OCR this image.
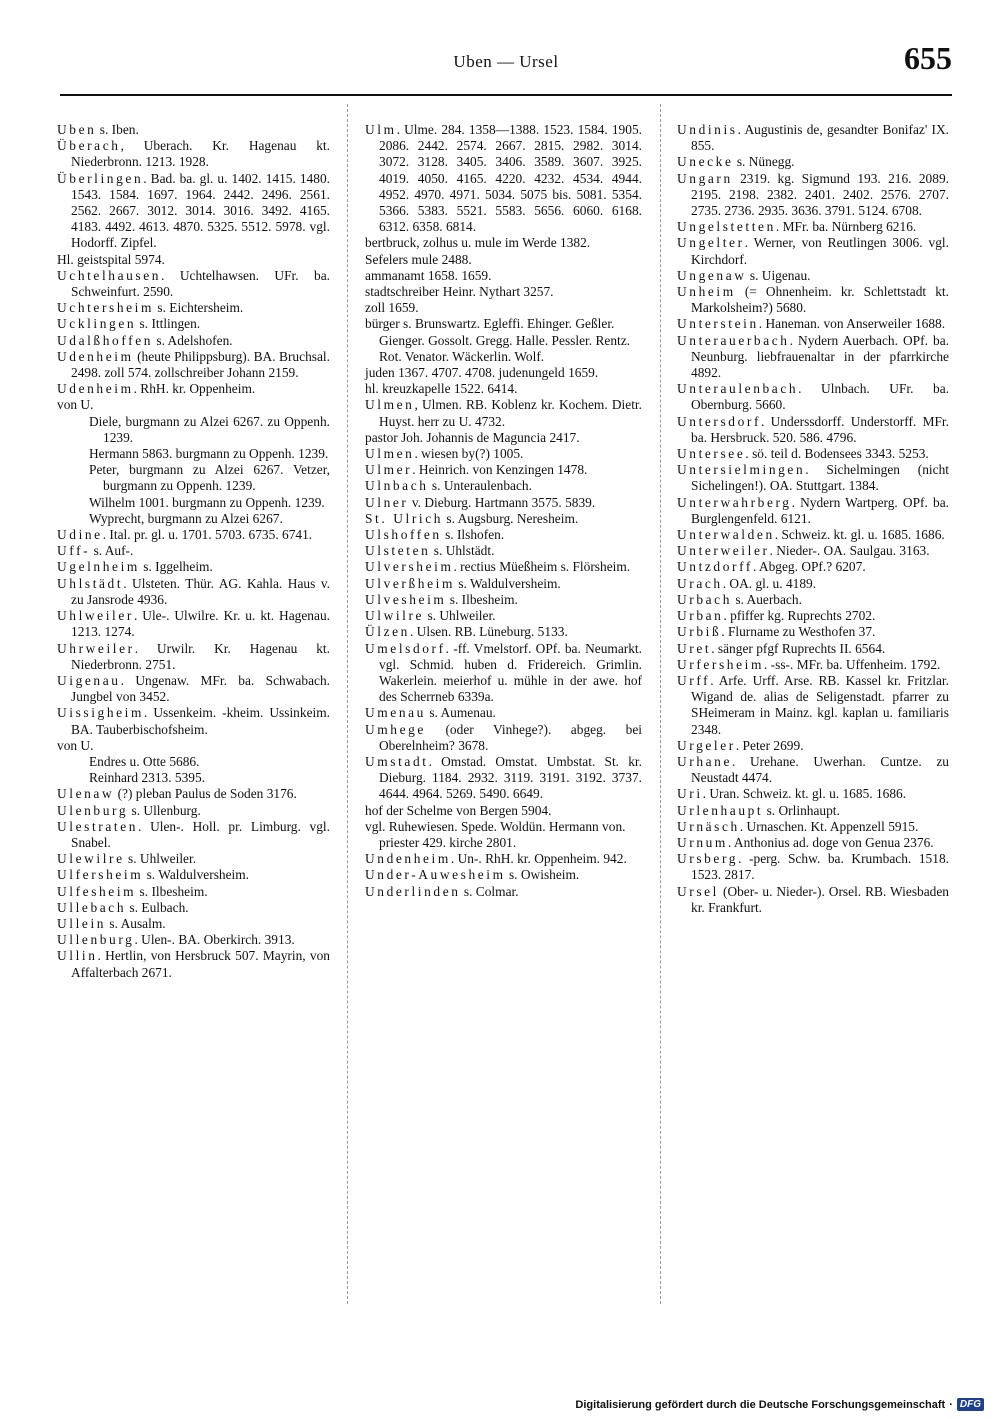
Uben — Ursel	655
Uben s. Iben.
Überach, Uberach. Kr. Hagenau kt. Niederbronn. 1213. 1928.
Überlingen. Bad. ba. gl. u. 1402. 1415. 1480. 1543. 1584. 1697. 1964. 2442. 2496. 2561. 2562. 2667. 3012. 3014. 3016. 3492. 4165. 4183. 4492. 4613. 4870. 5325. 5512. 5978. vgl. Hodorff. Zipfel.
Hl. geistspital 5974.
Uchtelhausen. Uchtelhawsen. UFr. ba. Schweinfurt. 2590.
Uchtersheim s. Eichtersheim.
Ucklingen s. Ittlingen.
Udalßhoffen s. Adelshofen.
Udenheim (heute Philippsburg). BA. Bruchsal. 2498. zoll 574. zollschreiber Johann 2159.
Udenheim. RhH. kr. Oppenheim.
von U.
Diele, burgmann zu Alzei 6267. zu Oppenh. 1239.
Hermann 5863. burgmann zu Oppenh. 1239.
Peter, burgmann zu Alzei 6267. Vetzer, burgmann zu Oppenh. 1239.
Wilhelm 1001. burgmann zu Oppenh. 1239.
Wyprecht, burgmann zu Alzei 6267.
Udine. Ital. pr. gl. u. 1701. 5703. 6735. 6741.
Uff- s. Auf-.
Ugelnheim s. Iggelheim.
Uhlstädt. Ulsteten. Thür. AG. Kahla. Haus v. zu Jansrode 4936.
Uhlweiler. Ule-. Ulwilre. Kr. u. kt. Hagenau. 1213. 1274.
Uhrweiler. Urwilr. Kr. Hagenau kt. Niederbronn. 2751.
Uigenau. Ungenaw. MFr. ba. Schwabach. Jungbel von 3452.
Uissigheim. Ussenkeim. -kheim. Ussinkeim. BA. Tauberbischofsheim.
von U.
Endres u. Otte 5686.
Reinhard 2313. 5395.
Ulenaw (?) pleban Paulus de Soden 3176.
Ulenburg s. Ullenburg.
Ulestraten. Ulen-. Holl. pr. Limburg. vgl. Snabel.
Ulewilre s. Uhlweiler.
Ulfersheim s. Waldulversheim.
Ulfesheim s. Ilbesheim.
Ullebach s. Eulbach.
Ullein s. Ausalm.
Ullenburg. Ulen-. BA. Oberkirch. 3913.
Ullin. Hertlin, von Hersbruck 507. Mayrin, von Affalterbach 2671.
Ulm. Ulme. 284. 1358—1388. 1523. 1584. 1905. 2086. 2442. 2574. 2667. 2815. 2982. 3014. 3072. 3128. 3405. 3406. 3589. 3607. 3925. 4019. 4050. 4165. 4220. 4232. 4534. 4944. 4952. 4970. 4971. 5034. 5075 bis. 5081. 5354. 5366. 5383. 5521. 5583. 5656. 6060. 6168. 6312. 6358. 6814.
bertbruck, zolhus u. mule im Werde 1382.
Sefelers mule 2488.
ammanamt 1658. 1659.
stadtschreiber Heinr. Nythart 3257.
zoll 1659.
bürger s. Brunswartz. Egleffi. Ehinger. Geßler. Gienger. Gossolt. Gregg. Halle. Pessler. Rentz. Rot. Venator. Wäckerlin. Wolf.
juden 1367. 4707. 4708. judenungeld 1659.
hl. kreuzkapelle 1522. 6414.
Ulmen, Ulmen. RB. Koblenz kr. Kochem. Dietr. Huyst. herr zu U. 4732.
pastor Joh. Johannis de Maguncia 2417.
Ulmen. wiesen by(?) 1005.
Ulmer. Heinrich. von Kenzingen 1478.
Ulnbach s. Unteraulenbach.
Ulner v. Dieburg. Hartmann 3575. 5839.
St. Ulrich s. Augsburg. Neresheim.
Ulshoffen s. Ilshofen.
Ulsteten s. Uhlstädt.
Ulversheim. rectius Müeßheim s. Flörsheim.
Ulverßheim s. Waldulversheim.
Ulvesheim s. Ilbesheim.
Ulwilre s. Uhlweiler.
Ülzen. Ulsen. RB. Lüneburg. 5133.
Umelsdorf. -ff. Vmelstorf. OPf. ba. Neumarkt. vgl. Schmid. huben d. Fridereich. Grimlin. Wakerlein. meierhof u. mühle in der awe. hof des Scherrneb 6339a.
Umenau s. Aumenau.
Umhege (oder Vinhege?). abgeg. bei Oberelnheim? 3678.
Umstadt. Omstad. Omstat. Umbstat. St. kr. Dieburg. 1184. 2932. 3119. 3191. 3192. 3737. 4644. 4964. 5269. 5490. 6649.
hof der Schelme von Bergen 5904.
vgl. Ruhewiesen. Spede. Woldün. Hermann von. priester 429. kirche 2801.
Undenheim. Un-. RhH. kr. Oppenheim. 942.
Under-Auwesheim s. Owisheim.
Underlinden s. Colmar.
Undinis. Augustinis de, gesandter Bonifaz' IX. 855.
Unecke s. Nünegg.
Ungarn 2319. kg. Sigmund 193. 216. 2089. 2195. 2198. 2382. 2401. 2402. 2576. 2707. 2735. 2736. 2935. 3636. 3791. 5124. 6708.
Ungelstetten. MFr. ba. Nürnberg 6216.
Ungelter. Werner, von Reutlingen 3006. vgl. Kirchdorf.
Ungenaw s. Uigenau.
Unheim (= Ohnenheim. kr. Schlettstadt kt. Markolsheim?) 5680.
Unterstein. Haneman. von Anserweiler 1688.
Unterauerbach. Nydern Auerbach. OPf. ba. Neunburg. liebfrauenaltar in der pfarrkirche 4892.
Unteraulenbach. Ulnbach. UFr. ba. Obernburg. 5660.
Untersdorf. Underssdorff. Understorff. MFr. ba. Hersbruck. 520. 586. 4796.
Untersee. sö. teil d. Bodensees 3343. 5253.
Untersielmingen. Sichelmingen (nicht Sichelingen!). OA. Stuttgart. 1384.
Unterwahrberg. Nydern Wartperg. OPf. ba. Burglengenfeld. 6121.
Unterwalden. Schweiz. kt. gl. u. 1685. 1686.
Unterweiler. Nieder-. OA. Saulgau. 3163.
Untzdorff. Abgeg. OPf.? 6207.
Urach. OA. gl. u. 4189.
Urbach s. Auerbach.
Urban. pfiffer kg. Ruprechts 2702.
Urbiß. Flurname zu Westhofen 37.
Uret. sänger pfgf Ruprechts II. 6564.
Urfersheim. -ss-. MFr. ba. Uffenheim. 1792.
Urff. Arfe. Urff. Arse. RB. Kassel kr. Fritzlar. Wigand de. alias de Seligenstadt. pfarrer zu SHeimeram in Mainz. kgl. kaplan u. familiaris 2348.
Urgeler. Peter 2699.
Urhane. Urehane. Uwerhan. Cuntze. zu Neustadt 4474.
Uri. Uran. Schweiz. kt. gl. u. 1685. 1686.
Urlenhaupt s. Orlinhaupt.
Urnäsch. Urnaschen. Kt. Appenzell 5915.
Urnum. Anthonius ad. doge von Genua 2376.
Ursberg. -perg. Schw. ba. Krumbach. 1518. 1523. 2817.
Ursel (Ober- u. Nieder-). Orsel. RB. Wiesbaden kr. Frankfurt.
Digitalisierung gefördert durch die Deutsche Forschungsgemeinschaft · DFG
